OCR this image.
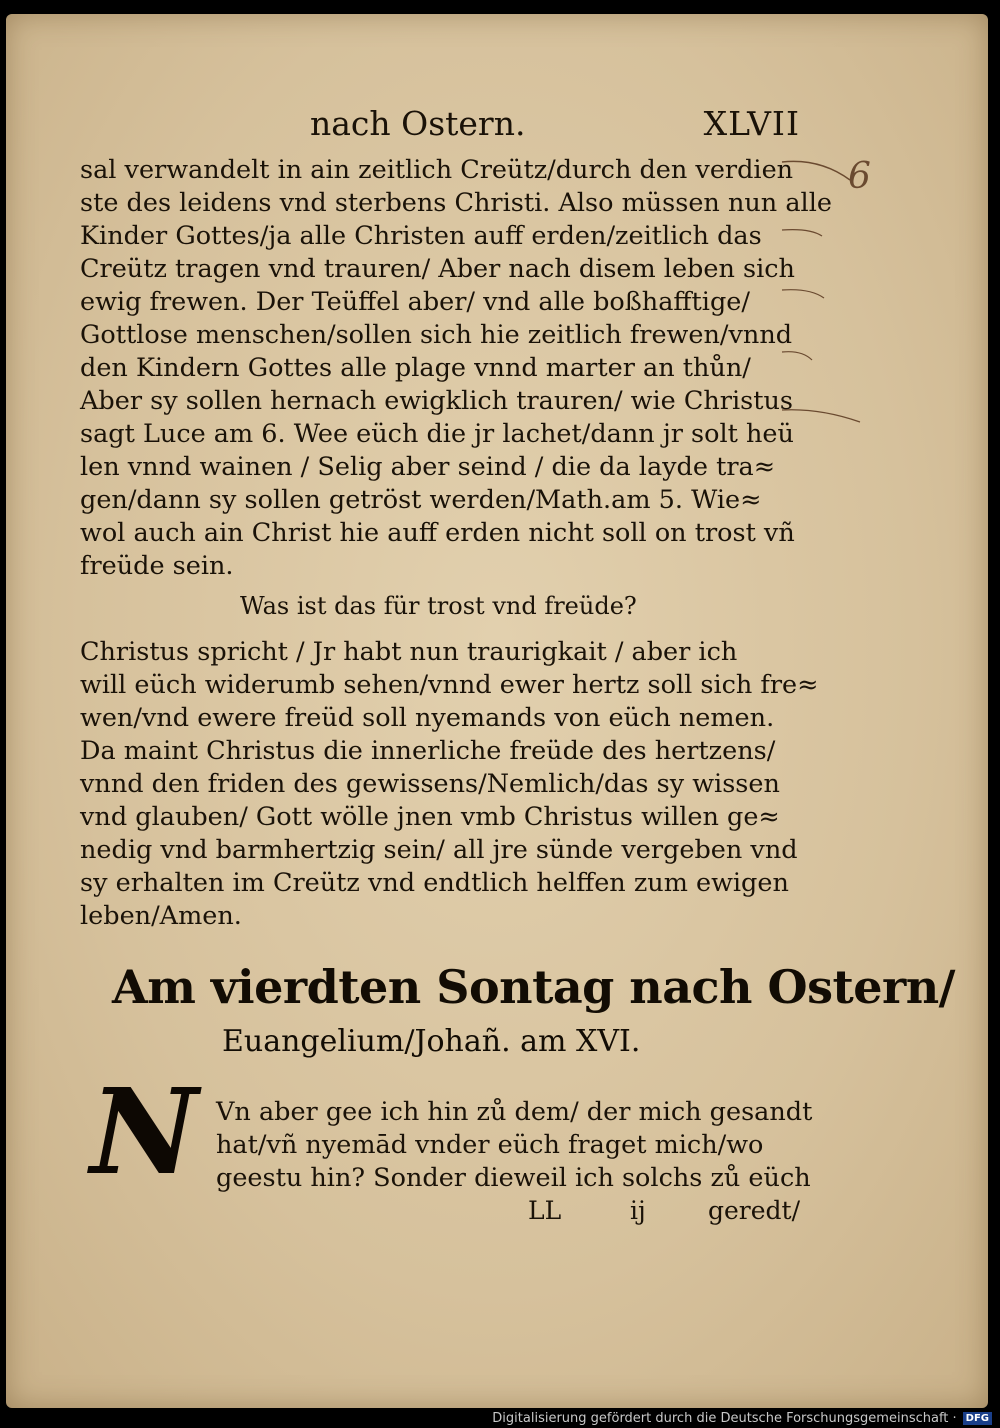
nach Ostern.	XLVII
6
sal verwandelt in ain zeitlich Creütz/durch den verdien
ste des leidens vnd sterbens Christi. Also müssen nun alle
Kinder Gottes/ja alle Christen auff erden/zeitlich das
Creütz tragen vnd trauren/ Aber nach disem leben sich
ewig frewen. Der Teüffel aber/ vnd alle boßhafftige/
Gottlose menschen/sollen sich hie zeitlich frewen/vnnd
den Kindern Gottes alle plage vnnd marter an thůn/
Aber sy sollen hernach ewigklich trauren/ wie Christus
sagt Luce am 6. Wee eüch die jr lachet/dann jr solt heü
len vnnd wainen / Selig aber seind / die da layde tra≈
gen/dann sy sollen getröst werden/Math.am 5. Wie≈
wol auch ain Christ hie auff erden nicht soll on trost vñ
freüde sein.
Was ist das für trost vnd freüde?
Christus spricht / Jr habt nun traurigkait / aber ich
will eüch widerumb sehen/vnnd ewer hertz soll sich fre≈
wen/vnd ewere freüd soll nyemands von eüch nemen.
Da maint Christus die innerliche freüde des hertzens/
vnnd den friden des gewissens/Nemlich/das sy wissen
vnd glauben/ Gott wölle jnen vmb Christus willen ge≈
nedig vnd barmhertzig sein/ all jre sünde vergeben vnd
sy erhalten im Creütz vnd endtlich helffen zum ewigen
leben/Amen.
Am vierdten Sontag nach Ostern/
Euangelium/Johañ. am XVI.
N Vn aber gee ich hin zů dem/ der mich gesandt
hat/vñ nyemād vnder eüch fraget mich/wo
geestu hin? Sonder dieweil ich solchs zů eüch
LL	ij geredt/
Digitalisierung gefördert durch die Deutsche Forschungsgemeinschaft · DFG
